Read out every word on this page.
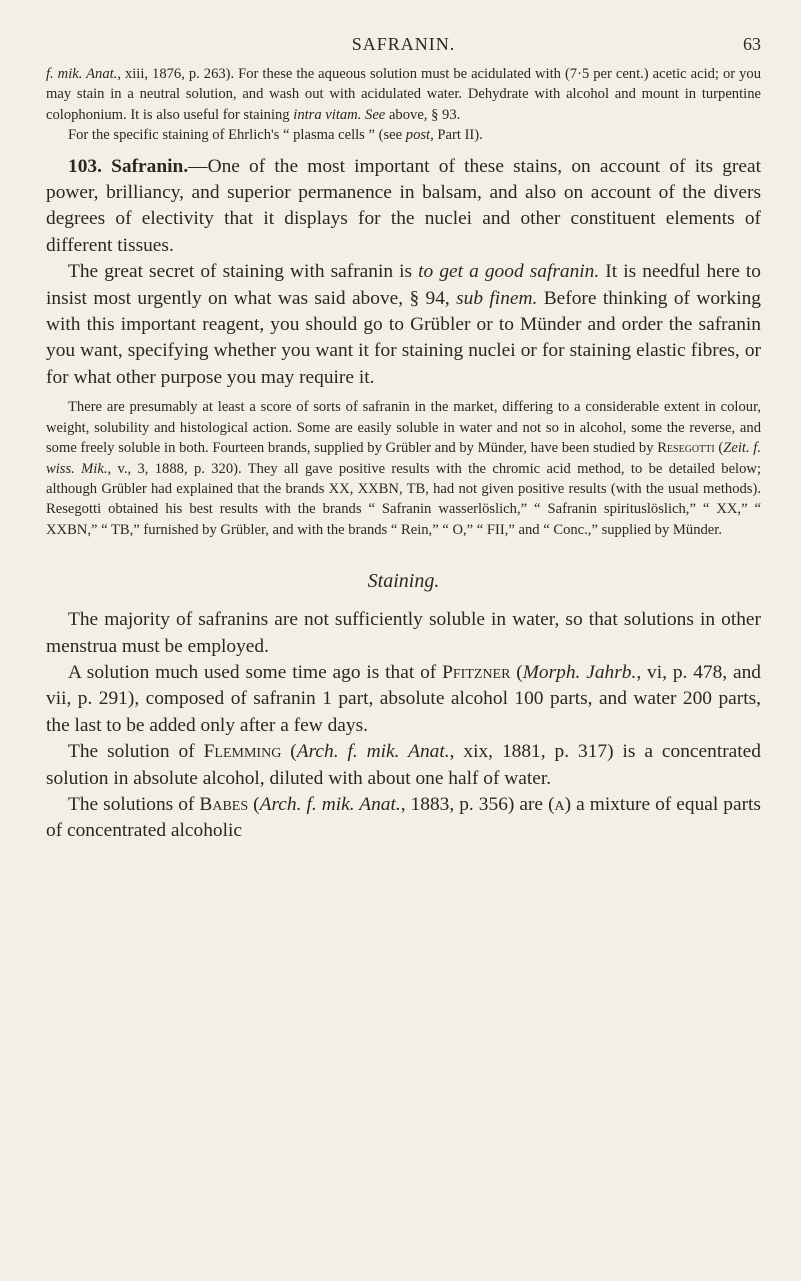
SAFRANIN.	63

f. mik. Anat., xiii, 1876, p. 263). For these the aqueous solution must be acidulated with (7·5 per cent.) acetic acid; or you may stain in a neutral solution, and wash out with acidulated water. Dehydrate with alcohol and mount in turpentine colophonium. It is also useful for staining intra vitam. See above, § 93.

For the specific staining of Ehrlich's “ plasma cells ” (see post, Part II).

103. Safranin.—One of the most important of these stains, on account of its great power, brilliancy, and superior permanence in balsam, and also on account of the divers degrees of electivity that it displays for the nuclei and other constituent elements of different tissues.

The great secret of staining with safranin is to get a good safranin. It is needful here to insist most urgently on what was said above, § 94, sub finem. Before thinking of working with this important reagent, you should go to Grübler or to Münder and order the safranin you want, specifying whether you want it for staining nuclei or for staining elastic fibres, or for what other purpose you may require it.

There are presumably at least a score of sorts of safranin in the market, differing to a considerable extent in colour, weight, solubility and histological action. Some are easily soluble in water and not so in alcohol, some the reverse, and some freely soluble in both. Fourteen brands, supplied by Grübler and by Münder, have been studied by Resegotti (Zeit. f. wiss. Mik., v., 3, 1888, p. 320). They all gave positive results with the chromic acid method, to be detailed below; although Grübler had explained that the brands XX, XXBN, TB, had not given positive results (with the usual methods). Resegotti obtained his best results with the brands “ Safranin wasserlöslich,” “ Safranin spirituslöslich,” “ XX,” “ XXBN,” “ TB,” furnished by Grübler, and with the brands “ Rein,” “ O,” “ FII,” and “ Conc.,” supplied by Münder.

Staining.

The majority of safranins are not sufficiently soluble in water, so that solutions in other menstrua must be employed.

A solution much used some time ago is that of Pfitzner (Morph. Jahrb., vi, p. 478, and vii, p. 291), composed of safranin 1 part, absolute alcohol 100 parts, and water 200 parts, the last to be added only after a few days.

The solution of Flemming (Arch. f. mik. Anat., xix, 1881, p. 317) is a concentrated solution in absolute alcohol, diluted with about one half of water.

The solutions of Babes (Arch. f. mik. Anat., 1883, p. 356) are (a) a mixture of equal parts of concentrated alcoholic
